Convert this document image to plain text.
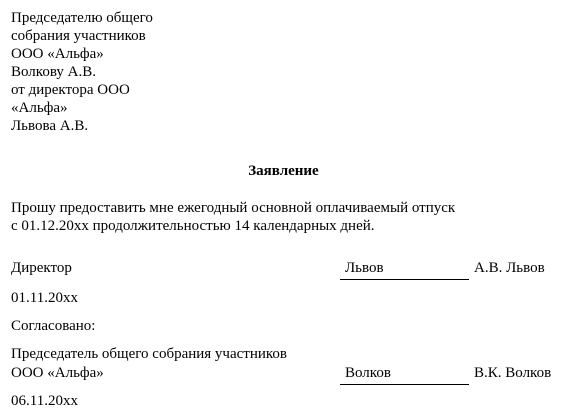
Председателю общего
собрания участников
ООО «Альфа»
Волкову А.В.
от директора ООО
«Альфа»
Львова А.В.
Заявление
Прошу предоставить мне ежегодный основной оплачиваемый отпуск
с 01.12.20хх продолжительностью 14 календарных дней.
Директор	Львов	А.В. Львов
01.11.20хх
Согласовано:
Председатель общего собрания участников
ООО «Альфа»	Волков	В.К. Волков
06.11.20хх
